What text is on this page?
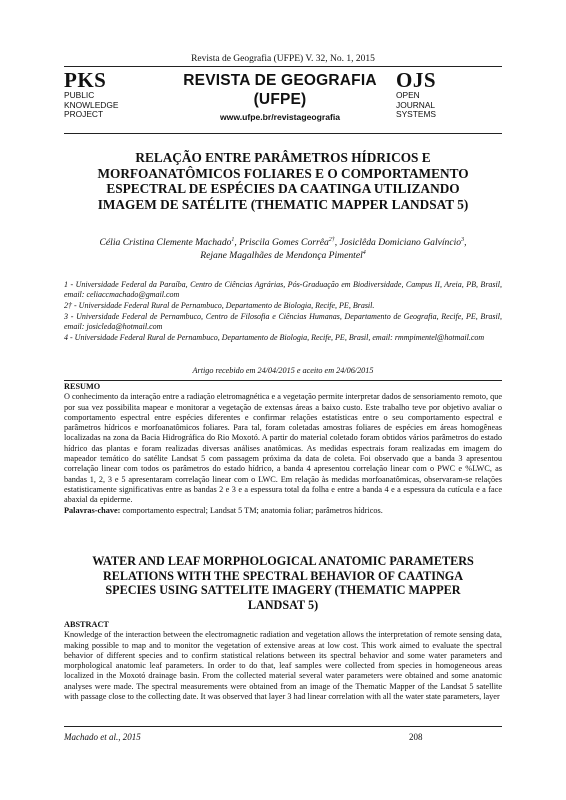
Revista de Geografia (UFPE) V. 32, No. 1, 2015
PKS
PUBLIC
KNOWLEDGE
PROJECT
REVISTA DE GEOGRAFIA
(UFPE)
www.ufpe.br/revistageografia
OJS
OPEN
JOURNAL
SYSTEMS
RELAÇÃO ENTRE PARÂMETROS HÍDRICOS E
MORFOANATÔMICOS FOLIARES E O COMPORTAMENTO
ESPECTRAL DE ESPÉCIES DA CAATINGA UTILIZANDO
IMAGEM DE SATÉLITE (THEMATIC MAPPER LANDSAT 5)
Célia Cristina Clemente Machado$^1$, Priscila Gomes Corrêa$^{2\dagger}$, Josiclêda Domiciano Galvíncio$^3$, Rejane Magalhães de Mendonça Pimentel$^4$

1 - Universidade Federal da Paraíba, Centro de Ciências Agrárias, Pós-Graduação em Biodiversidade, Campus II, Areia, PB, Brasil, email: celiaccmachado@gmail.com

2† - Universidade Federal Rural de Pernambuco, Departamento de Biologia, Recife, PE, Brasil.

3 - Universidade Federal de Pernambuco, Centro de Filosofia e Ciências Humanas, Departamento de Geografia, Recife, PE, Brasil, email: josicleda@hotmail.com

4 - Universidade Federal Rural de Pernambuco, Departamento de Biologia, Recife, PE, Brasil, email: rmmpimentel@hotmail.com

Artigo recebido em 24/04/2015 e aceito em 24/06/2015
RESUMO
O conhecimento da interação entre a radiação eletromagnética e a vegetação permite interpretar dados de sensoriamento remoto, que por sua vez possibilita mapear e monitorar a vegetação de extensas áreas a baixo custo. Este trabalho teve por objetivo avaliar o comportamento espectral entre espécies diferentes e confirmar relações estatísticas entre o seu comportamento espectral e parâmetros hídricos e morfoanatômicos foliares. Para tal, foram coletadas amostras foliares de espécies em áreas homogêneas localizadas na zona da Bacia Hidrográfica do Rio Moxotó. A partir do material coletado foram obtidos vários parâmetros do estado hídrico das plantas e foram realizadas diversas análises anatômicas. As medidas espectrais foram realizadas em imagem do mapeador temático do satélite Landsat 5 com passagem próxima da data de coleta. Foi observado que a banda 3 apresentou correlação linear com todos os parâmetros do estado hídrico, a banda 4 apresentou correlação linear com o PWC e %LWC, as bandas 1, 2, 3 e 5 apresentaram correlação linear com o LWC. Em relação às medidas morfoanatômicas, observaram-se relações estatisticamente significativas entre as bandas 2 e 3 e a espessura total da folha e entre a banda 4 e a espessura da cutícula e a face abaxial da epiderme.
Palavras-chave: comportamento espectral; Landsat 5 TM; anatomia foliar; parâmetros hídricos.
WATER AND LEAF MORPHOLOGICAL ANATOMIC PARAMETERS
RELATIONS WITH THE SPECTRAL BEHAVIOR OF CAATINGA
SPECIES USING SATTELITE IMAGERY (THEMATIC MAPPER
LANDSAT 5)
ABSTRACT
Knowledge of the interaction between the electromagnetic radiation and vegetation allows the interpretation of remote sensing data, making possible to map and to monitor the vegetation of extensive areas at low cost. This work aimed to evaluate the spectral behavior of different species and to confirm statistical relations between its spectral behavior and some water parameters and morphological anatomic leaf parameters. In order to do that, leaf samples were collected from species in homogeneous areas localized in the Moxotó drainage basin. From the collected material several water parameters were obtained and some anatomic analyses were made. The spectral measurements were obtained from an image of the Thematic Mapper of the Landsat 5 satellite with passage close to the collecting date. It was observed that layer 3 had linear correlation with all the water state parameters, layer
Machado et al., 2015	208
